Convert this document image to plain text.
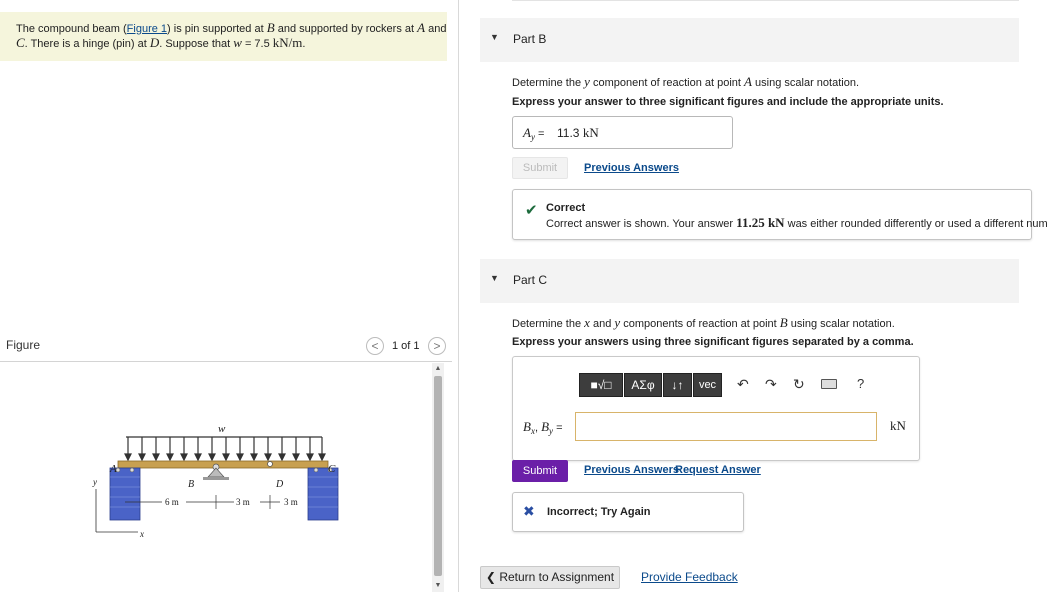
The compound beam (Figure 1) is pin supported at B and supported by rockers at A and
C. There is a hinge (pin) at D. Suppose that w = 7.5 kN/m.
Figure	<	1 of 1	>
w
A	C
B	D
y
x
6 m	3 m	3 m
▲
▼
▼ Part B
Determine the y component of reaction at point A using scalar notation.
Express your answer to three significant figures and include the appropriate units.
$A_y = 11.3$ kN
Submit	Previous Answers
✔ Correct
Correct answer is shown. Your answer 11.25 kN was either rounded differently or used a different num
▼ Part C
Determine the x and y components of reaction at point B using scalar notation.
Express your answers using three significant figures separated by a comma.
■√□	ΑΣφ	↓↑	vec	↶ ↷ ↻	?
$B_x$, $B_y$ =	kN
Submit	Previous Answers
Request Answer
✖ Incorrect; Try Again
❮ Return to Assignment	Provide Feedback
